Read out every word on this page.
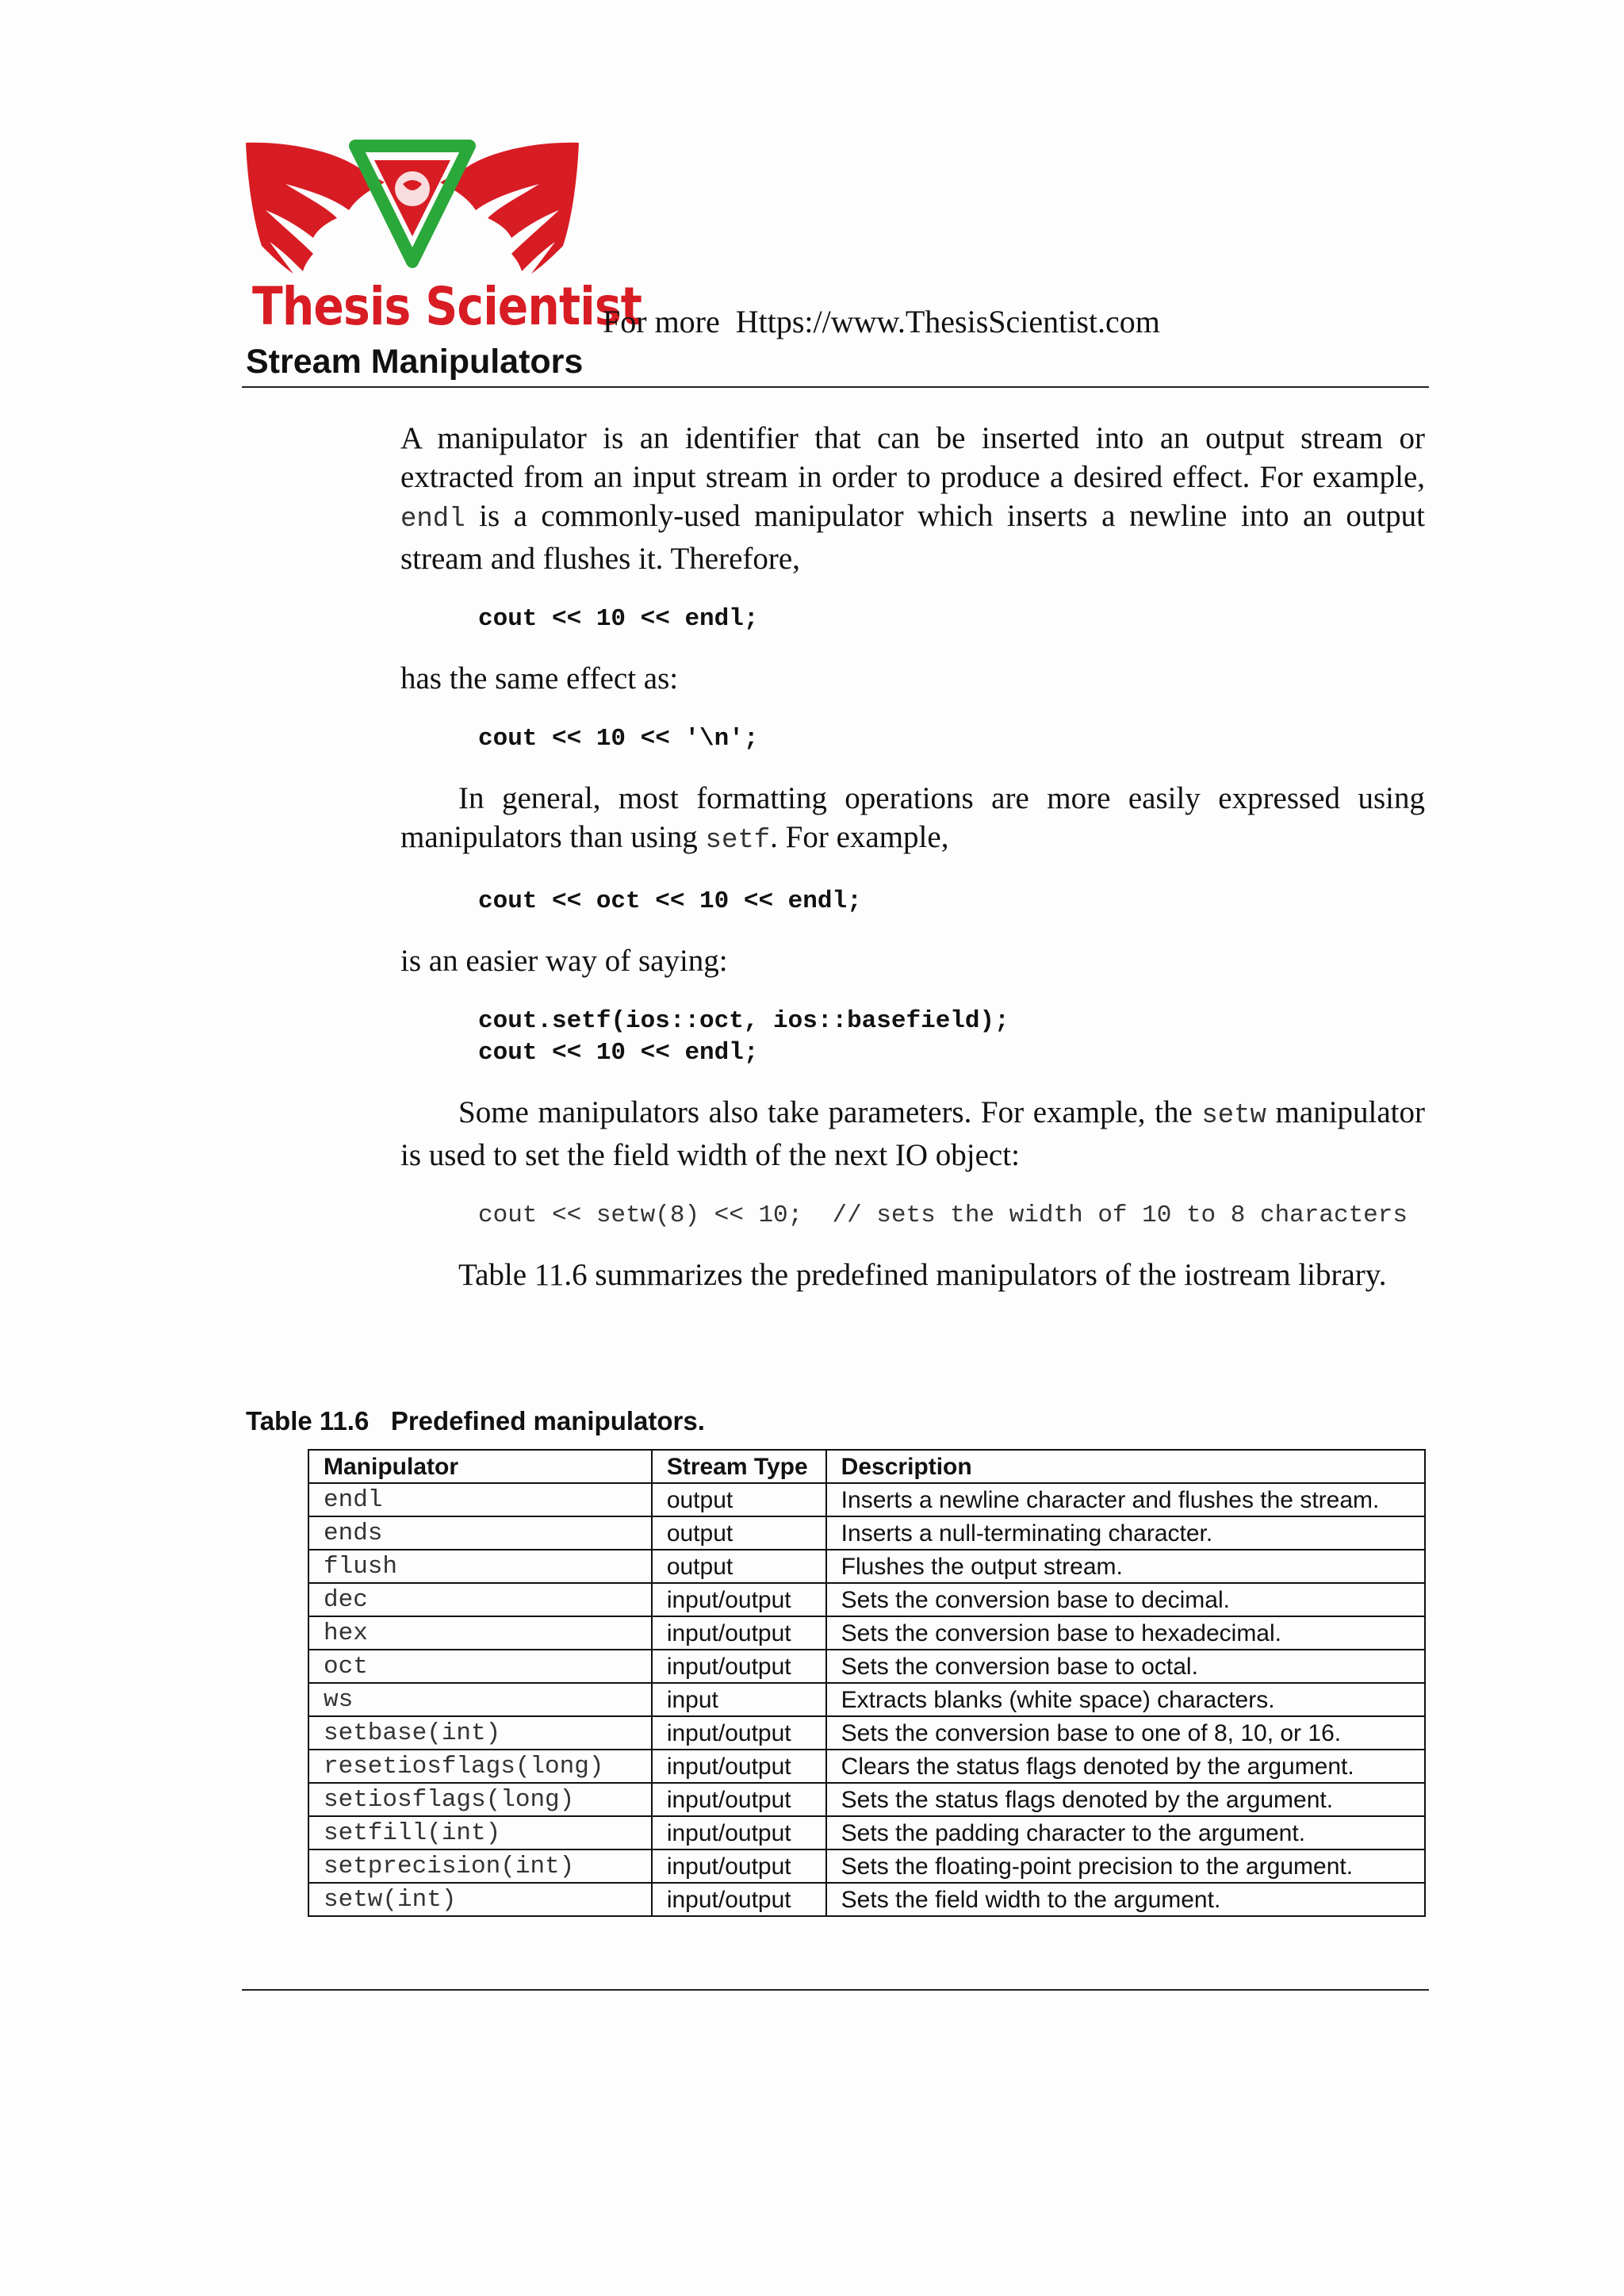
Thesis Scientist
For more  Https://www.ThesisScientist.com
Stream Manipulators

A manipulator is an identifier that can be inserted into an output stream or extracted from an input stream in order to produce a desired effect. For example, endl is a commonly-used manipulator which inserts a newline into an output stream and flushes it. Therefore,

cout << 10 << endl;

has the same effect as:

cout << 10 << '\n';

In general, most formatting operations are more easily expressed using manipulators than using setf. For example,

cout << oct << 10 << endl;

is an easier way of saying:

cout.setf(ios::oct, ios::basefield);

cout << 10 << endl;

Some manipulators also take parameters. For example, the setw manipulator is used to set the field width of the next IO object:

cout << setw(8) << 10;  // sets the width of 10 to 8 characters

Table 11.6 summarizes the predefined manipulators of the iostream library.

Table 11.6   Predefined manipulators.
Manipulator	Stream Type	Description
endl	output	Inserts a newline character and flushes the stream.
ends	output	Inserts a null-terminating character.
flush	output	Flushes the output stream.
dec	input/output	Sets the conversion base to decimal.
hex	input/output	Sets the conversion base to hexadecimal.
oct	input/output	Sets the conversion base to octal.
ws	input	Extracts blanks (white space) characters.
setbase(int)	input/output	Sets the conversion base to one of 8, 10, or 16.
resetiosflags(long)	input/output	Clears the status flags denoted by the argument.
setiosflags(long)	input/output	Sets the status flags denoted by the argument.
setfill(int)	input/output	Sets the padding character to the argument.
setprecision(int)	input/output	Sets the floating-point precision to the argument.
setw(int)	input/output	Sets the field width to the argument.
